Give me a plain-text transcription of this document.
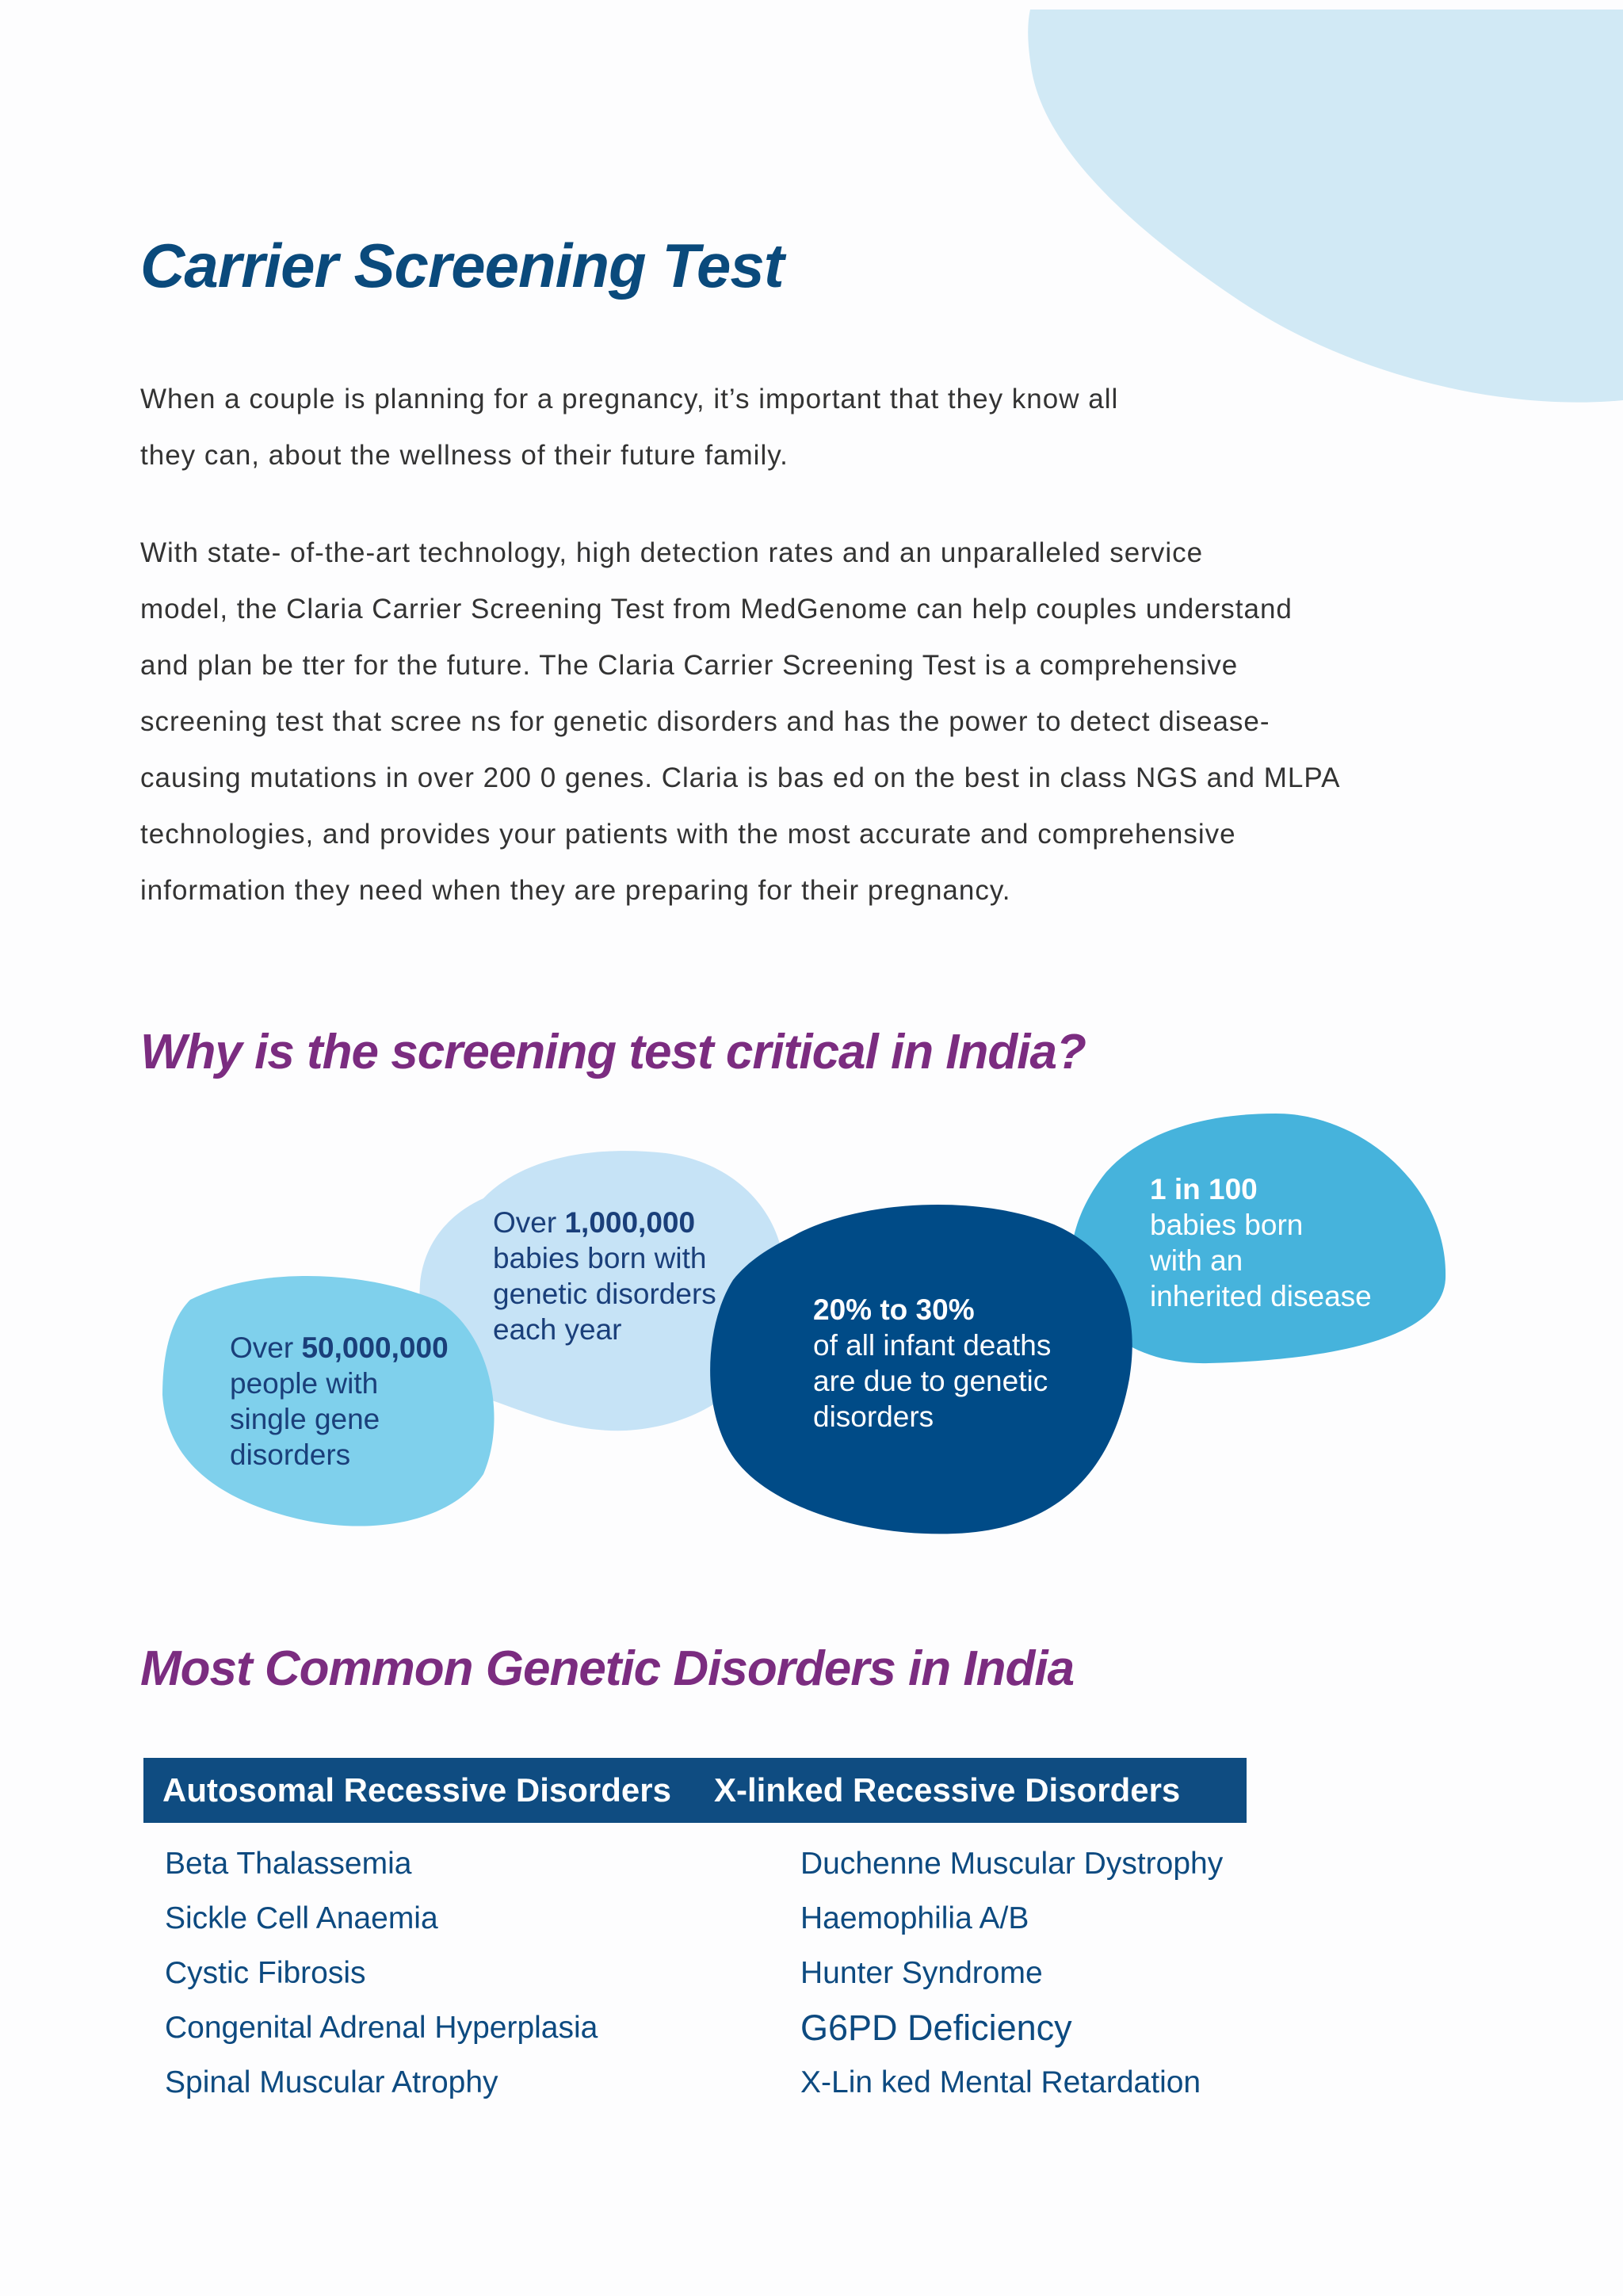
Carrier Screening Test

When a couple is planning for a pregnancy, it’s important that they know all
they can, about the wellness of their future family.

With state- of-the-art technology, high detection rates and an unparalleled service
model, the Claria Carrier Screening Test from MedGenome can help couples understand
and plan be tter for the future. The Claria Carrier Screening Test is a comprehensive
screening test that scree ns for genetic disorders and has the power to detect disease-
causing mutations in over 200 0 genes. Claria is bas ed on the best in class NGS and MLPA
technologies, and provides your patients with the most accurate and comprehensive
information they need when they are preparing for their pregnancy.

Why is the screening test critical in India?

Over 50,000,000
people with
single gene
disorders

Over 1,000,000
babies born with
genetic disorders
each year

20% to 30%
of all infant deaths
are due to genetic
disorders

1 in 100
babies born
with an
inherited disease

Most Common Genetic Disorders in India
Autosomal Recessive Disorders X-linked Recessive Disorders
Beta Thalassemia
Sickle Cell Anaemia
Cystic Fibrosis
Congenital Adrenal Hyperplasia
Spinal Muscular Atrophy
Duchenne Muscular Dystrophy
Haemophilia A/B
Hunter Syndrome
G6PD Deficiency
X-Lin ked Mental Retardation
